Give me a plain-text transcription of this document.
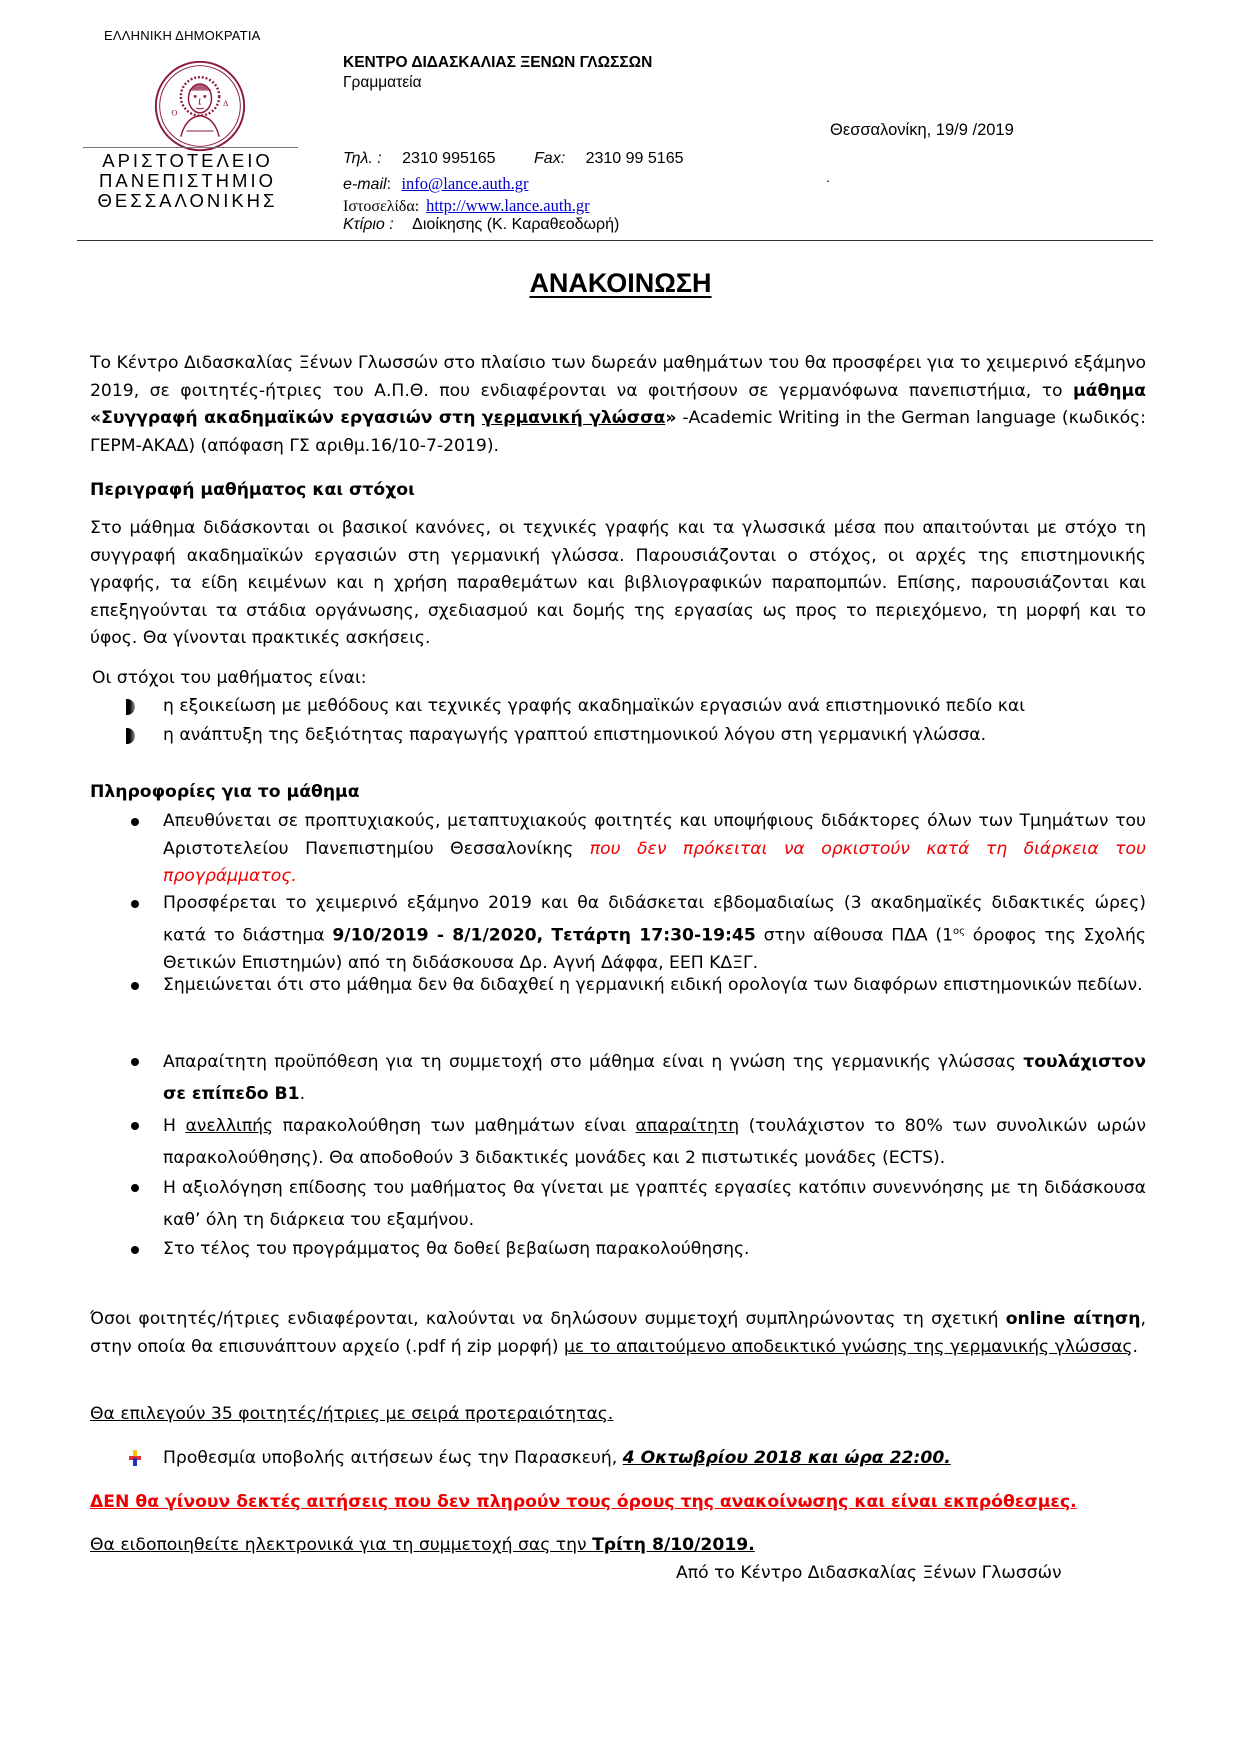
ΕΛΛΗΝΙΚΗ ΔΗΜΟΚΡΑΤΙΑ
Ο
Δ
ΑΡΙΣΤΟΤΕΛΕΙΟ
ΠΑΝΕΠΙΣΤΗΜΙΟ
ΘΕΣΣΑΛΟΝΙΚΗΣ
ΚΕΝΤΡΟ ΔΙΔΑΣΚΑΛΙΑΣ ΞΕΝΩΝ ΓΛΩΣΣΩΝ
Γραμματεία
Θεσσαλονίκη, 19/9 /2019
.
Τηλ. : 2310 995165 Fax: 2310 99 5165
e-mail: info@lance.auth.gr
Ιστοσελίδα: http://www.lance.auth.gr
Κτίριο : Διοίκησης (Κ. Καραθεοδωρή)
ΑΝΑΚΟΙΝΩΣΗ
Το Κέντρο Διδασκαλίας Ξένων Γλωσσών στο πλαίσιο των δωρεάν μαθημάτων του θα προσφέρει για το χειμερινό εξάμηνο 2019, σε φοιτητές-ήτριες του Α.Π.Θ. που ενδιαφέρονται να φοιτήσουν σε γερμανόφωνα πανεπιστήμια, το μάθημα «Συγγραφή ακαδημαϊκών εργασιών στη γερμανική γλώσσα» -Academic Writing in the German language (κωδικός: ΓΕΡΜ-ΑΚΑΔ) (απόφαση ΓΣ αριθμ.16/10-7-2019).
Περιγραφή μαθήματος και στόχοι
Στο μάθημα διδάσκονται οι βασικοί κανόνες, οι τεχνικές γραφής και τα γλωσσικά μέσα που απαιτούνται με στόχο τη συγγραφή ακαδημαϊκών εργασιών στη γερμανική γλώσσα. Παρουσιάζονται ο στόχος, οι αρχές της επιστημονικής γραφής, τα είδη κειμένων και η χρήση παραθεμάτων και βιβλιογραφικών παραπομπών. Επίσης, παρουσιάζονται και επεξηγούνται τα στάδια οργάνωσης, σχεδιασμού και δομής της εργασίας ως προς το περιεχόμενο, τη μορφή και το ύφος. Θα γίνονται πρακτικές ασκήσεις.
Οι στόχοι του μαθήματος είναι:
η εξοικείωση με μεθόδους και τεχνικές γραφής ακαδημαϊκών εργασιών ανά επιστημονικό πεδίο και
η ανάπτυξη της δεξιότητας παραγωγής γραπτού επιστημονικού λόγου στη γερμανική γλώσσα.
Πληροφορίες για το μάθημα
Απευθύνεται σε προπτυχιακούς, μεταπτυχιακούς φοιτητές και υποψήφιους διδάκτορες όλων των Τμημάτων του Αριστοτελείου Πανεπιστημίου Θεσσαλονίκης που δεν πρόκειται να ορκιστούν κατά τη διάρκεια του προγράμματος.
Προσφέρεται το χειμερινό εξάμηνο 2019 και θα διδάσκεται εβδομαδιαίως (3 ακαδημαϊκές διδακτικές ώρες) κατά το διάστημα 9/10/2019 - 8/1/2020, Τετάρτη 17:30-19:45 στην αίθουσα ΠΔΑ ($1^{o\varsigma}$ όροφος της Σχολής Θετικών Επιστημών) από τη διδάσκουσα Δρ. Αγνή Δάφφα, ΕΕΠ ΚΔΞΓ.
Σημειώνεται ότι στο μάθημα δεν θα διδαχθεί η γερμανική ειδική ορολογία των διαφόρων επιστημονικών πεδίων.
Απαραίτητη προϋπόθεση για τη συμμετοχή στο μάθημα είναι η γνώση της γερμανικής γλώσσας τουλάχιστον σε επίπεδο B1.
Η ανελλιπής παρακολούθηση των μαθημάτων είναι απαραίτητη (τουλάχιστον το 80% των συνολικών ωρών παρακολούθησης). Θα αποδοθούν 3 διδακτικές μονάδες και 2 πιστωτικές μονάδες (ECTS).
Η αξιολόγηση επίδοσης του μαθήματος θα γίνεται με γραπτές εργασίες κατόπιν συνεννόησης με τη διδάσκουσα καθ’ όλη τη διάρκεια του εξαμήνου.
Στο τέλος του προγράμματος θα δοθεί βεβαίωση παρακολούθησης.
Όσοι φοιτητές/ήτριες ενδιαφέρονται, καλούνται να δηλώσουν συμμετοχή συμπληρώνοντας τη σχετική online αίτηση, στην οποία θα επισυνάπτουν αρχείο (.pdf ή zip μορφή) με το απαιτούμενο αποδεικτικό γνώσης της γερμανικής γλώσσας.
Θα επιλεγούν 35 φοιτητές/ήτριες με σειρά προτεραιότητας.
Προθεσμία υποβολής αιτήσεων έως την Παρασκευή, 4 Οκτωβρίου 2018 και ώρα 22:00.
ΔΕΝ θα γίνουν δεκτές αιτήσεις που δεν πληρούν τους όρους της ανακοίνωσης και είναι εκπρόθεσμες.
Θα ειδοποιηθείτε ηλεκτρονικά για τη συμμετοχή σας την Τρίτη 8/10/2019.
Από το Κέντρο Διδασκαλίας Ξένων Γλωσσών
